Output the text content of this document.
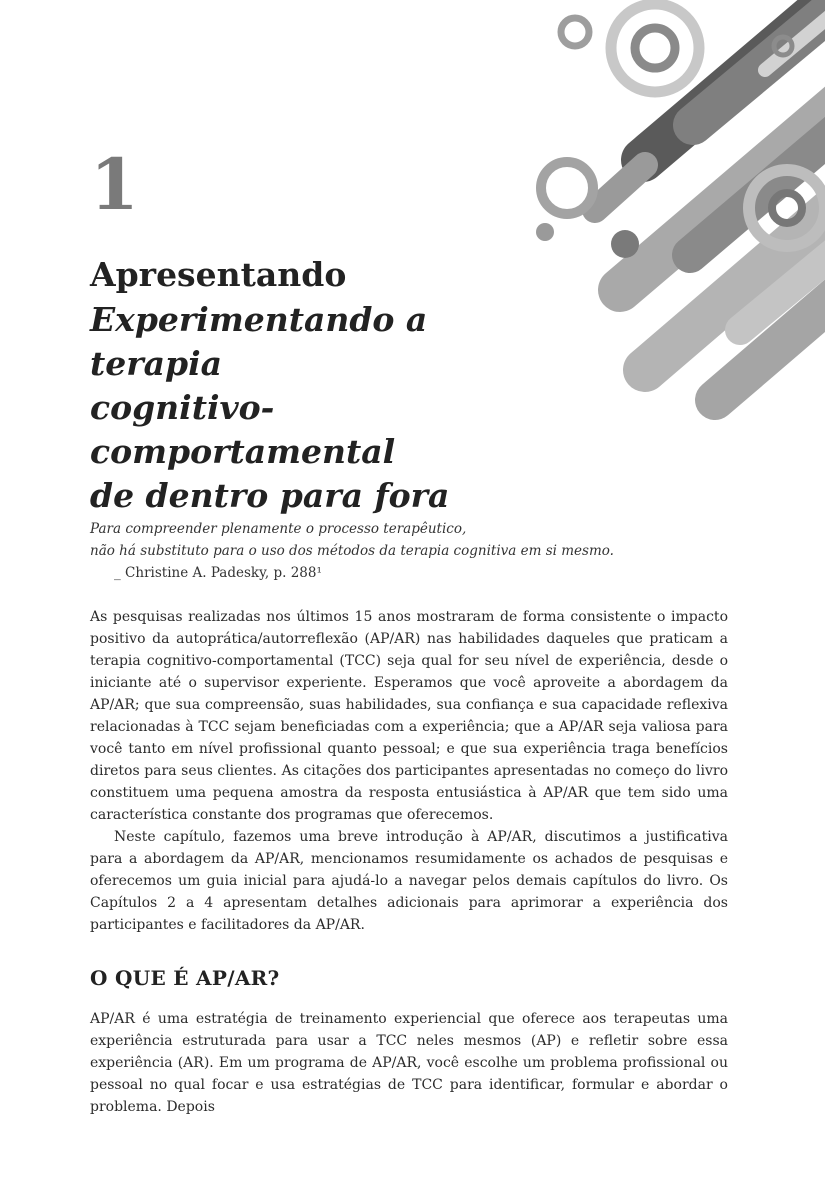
1
Apresentando
Experimentando a terapia
cognitivo-comportamental
de dentro para fora
Para compreender plenamente o processo terapêutico,
não há substituto para o uso dos métodos da terapia cognitiva em si mesmo.
_ Christine A. Padesky, p. 288¹

As pesquisas realizadas nos últimos 15 anos mostraram de forma consistente o impacto positivo da autoprática/autorreflexão (AP/AR) nas habilidades daqueles que praticam a terapia cognitivo-comportamental (TCC) seja qual for seu nível de experiência, desde o iniciante até o supervisor experiente. Esperamos que você aproveite a abordagem da AP/AR; que sua compreensão, suas habilidades, sua confiança e sua capacidade reflexiva relacionadas à TCC sejam beneficiadas com a experiência; que a AP/AR seja valiosa para você tanto em nível profissional quanto pessoal; e que sua experiência traga benefícios diretos para seus clientes. As citações dos participantes apresentadas no começo do livro constituem uma pequena amostra da resposta entusiástica à AP/AR que tem sido uma característica constante dos programas que oferecemos.

Neste capítulo, fazemos uma breve introdução à AP/AR, discutimos a justificativa para a abordagem da AP/AR, mencionamos resumidamente os achados de pesquisas e oferecemos um guia inicial para ajudá-lo a navegar pelos demais capítulos do livro. Os Capítulos 2 a 4 apresentam detalhes adicionais para aprimorar a experiência dos participantes e facilitadores da AP/AR.

O QUE É AP/AR?

AP/AR é uma estratégia de treinamento experiencial que oferece aos terapeutas uma experiência estruturada para usar a TCC neles mesmos (AP) e refletir sobre essa experiência (AR). Em um programa de AP/AR, você escolhe um problema profissional ou pessoal no qual focar e usa estratégias de TCC para identificar, formular e abordar o problema. Depois
